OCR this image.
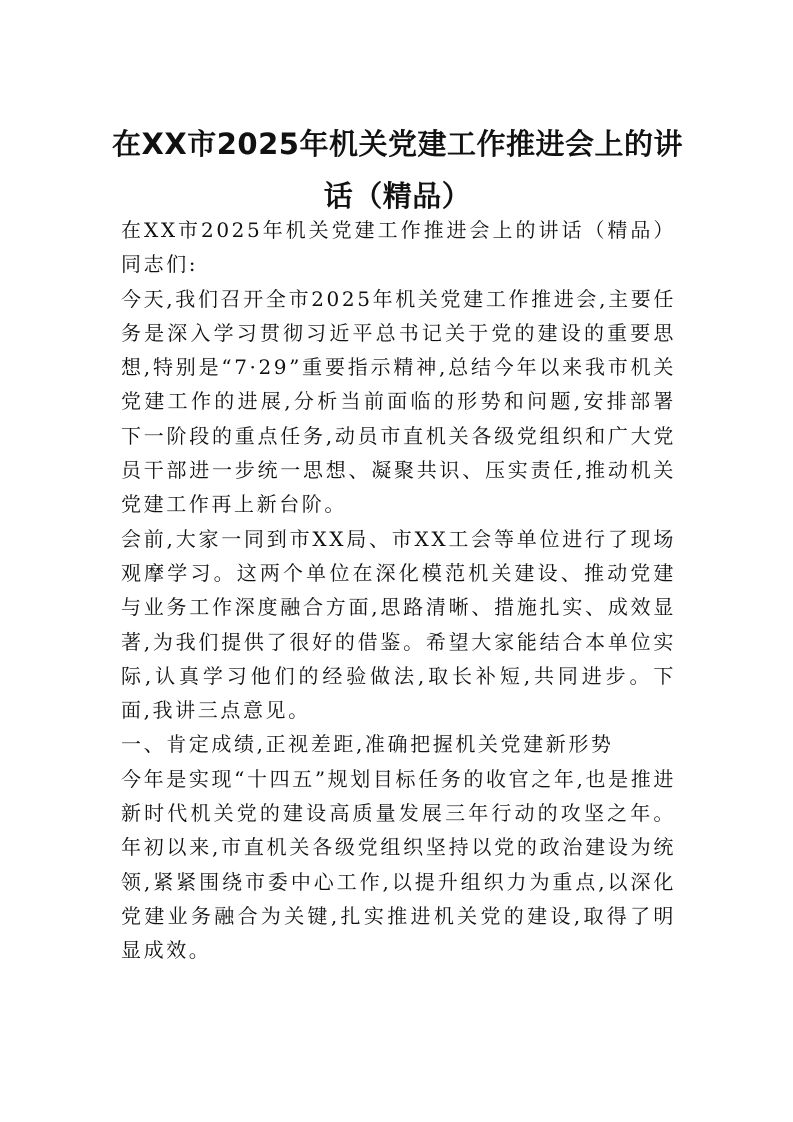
在XX市2025年机关党建工作推进会上的讲话（精品）

在XX市2025年机关党建工作推进会上的讲话（精品）同志们:

今天,我们召开全市2025年机关党建工作推进会,主要任务是深入学习贯彻习近平总书记关于党的建设的重要思想,特别是“7·29”重要指示精神,总结今年以来我市机关党建工作的进展,分析当前面临的形势和问题,安排部署下一阶段的重点任务,动员市直机关各级党组织和广大党员干部进一步统一思想、凝聚共识、压实责任,推动机关党建工作再上新台阶。

会前,大家一同到市XX局、市XX工会等单位进行了现场观摩学习。这两个单位在深化模范机关建设、推动党建与业务工作深度融合方面,思路清晰、措施扎实、成效显著,为我们提供了很好的借鉴。希望大家能结合本单位实际,认真学习他们的经验做法,取长补短,共同进步。下面,我讲三点意见。

一、肯定成绩,正视差距,准确把握机关党建新形势

今年是实现“十四五”规划目标任务的收官之年,也是推进新时代机关党的建设高质量发展三年行动的攻坚之年。年初以来,市直机关各级党组织坚持以党的政治建设为统领,紧紧围绕市委中心工作,以提升组织力为重点,以深化党建业务融合为关键,扎实推进机关党的建设,取得了明显成效。
